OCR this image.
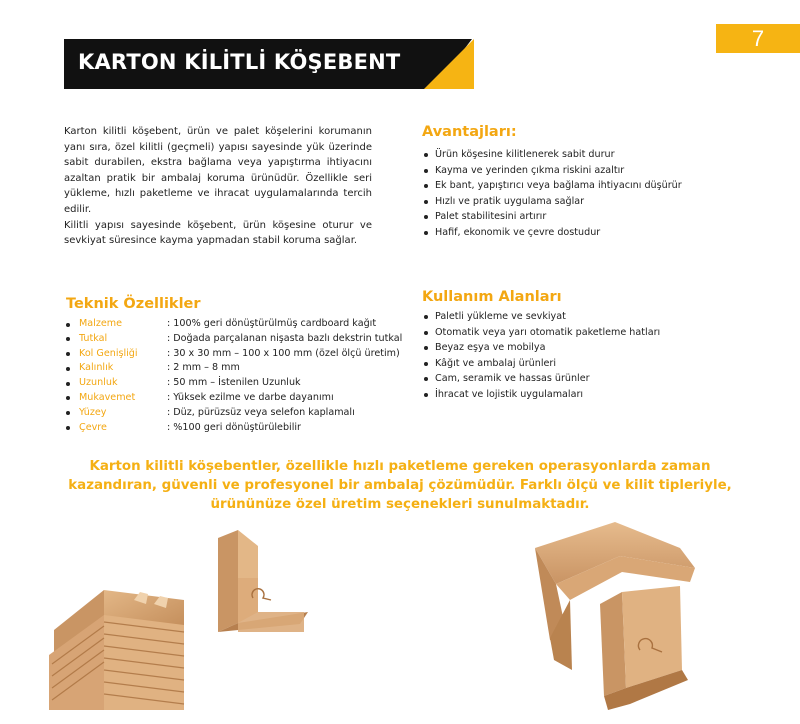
7
KARTON KİLİTLİ KÖŞEBENT

Karton kilitli köşebent, ürün ve palet köşelerini korumanın yanı sıra, özel kilitli (geçmeli) yapısı sayesinde yük üzerinde sabit durabilen, ekstra bağlama veya yapıştırma ihtiyacını azaltan pratik bir ambalaj koruma ürünüdür. Özellikle seri yükleme, hızlı paketleme ve ihracat uygulamalarında tercih edilir.

Kilitli yapısı sayesinde köşebent, ürün köşesine oturur ve sevkiyat süresince kayma yapmadan stabil koruma sağlar.

Avantajları:
Ürün köşesine kilitlenerek sabit durur
Kayma ve yerinden çıkma riskini azaltır
Ek bant, yapıştırıcı veya bağlama ihtiyacını düşürür
Hızlı ve pratik uygulama sağlar
Palet stabilitesini artırır
Hafif, ekonomik ve çevre dostudur
Teknik Özellikler
Malzeme	: 100% geri dönüştürülmüş cardboard kağıt
Tutkal	: Doğada parçalanan nişasta bazlı dekstrin tutkal
Kol Genişliği	: 30 x 30 mm – 100 x 100 mm (özel ölçü üretim)
Kalınlık	: 2 mm – 8 mm
Uzunluk	: 50 mm – İstenilen Uzunluk
Mukavemet	: Yüksek ezilme ve darbe dayanımı
Yüzey	: Düz, pürüzsüz veya selefon kaplamalı
Çevre	: %100 geri dönüştürülebilir
Kullanım Alanları
Paletli yükleme ve sevkiyat
Otomatik veya yarı otomatik paketleme hatları
Beyaz eşya ve mobilya
Kâğıt ve ambalaj ürünleri
Cam, seramik ve hassas ürünler
İhracat ve lojistik uygulamaları
Karton kilitli köşebentler, özellikle hızlı paketleme gereken operasyonlarda zaman
kazandıran, güvenli ve profesyonel bir ambalaj çözümüdür. Farklı ölçü ve kilit tipleriyle,
ürününüze özel üretim seçenekleri sunulmaktadır.
